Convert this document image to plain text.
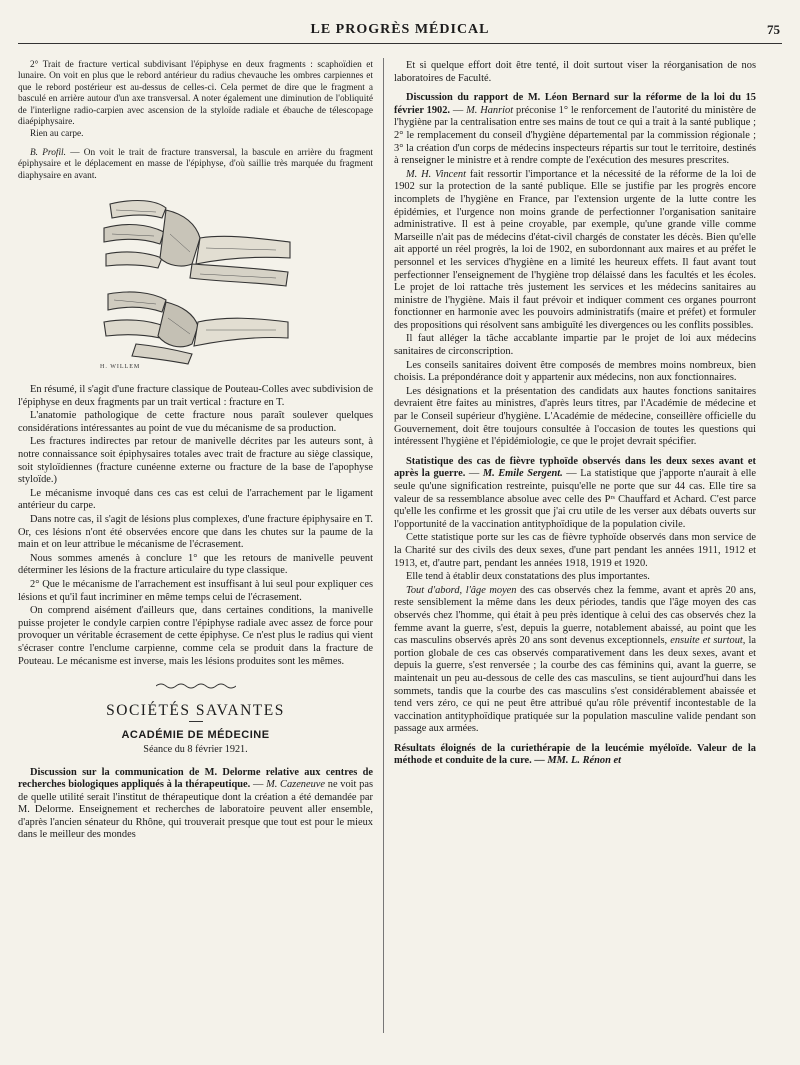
LE PROGRÈS MÉDICAL	75

2° Trait de fracture vertical subdivisant l'épiphyse en deux fragments : scaphoïdien et lunaire. On voit en plus que le rebord antérieur du radius chevauche les ombres carpiennes et que le rebord postérieur est au-dessus de celles-ci. Cela permet de dire que le fragment a basculé en arrière autour d'un axe transversal. A noter également une diminution de l'obliquité de l'interligne radio-carpien avec ascension de la styloïde radiale et ébauche de télescopage diaépiphysaire.

Rien au carpe.

B. Profil. — On voit le trait de fracture transversal, la bascule en arrière du fragment épiphysaire et le déplacement en masse de l'épiphyse, d'où saillie très marquée du fragment diaphysaire en avant.

H. WILLEM

En résumé, il s'agit d'une fracture classique de Pouteau-Colles avec subdivision de l'épiphyse en deux fragments par un trait vertical : fracture en T.

L'anatomie pathologique de cette fracture nous paraît soulever quelques considérations intéressantes au point de vue du mécanisme de sa production.

Les fractures indirectes par retour de manivelle décrites par les auteurs sont, à notre connaissance soit épiphysaires totales avec trait de fracture au siège classique, soit styloïdiennes (fracture cunéenne externe ou fracture de la base de l'apophyse styloïde.)

Le mécanisme invoqué dans ces cas est celui de l'arrachement par le ligament antérieur du carpe.

Dans notre cas, il s'agit de lésions plus complexes, d'une fracture épiphysaire en T. Or, ces lésions n'ont été observées encore que dans les chutes sur la paume de la main et on leur attribue le mécanisme de l'écrasement.

Nous sommes amenés à conclure 1° que les retours de manivelle peuvent déterminer les lésions de la fracture articulaire du type classique.

2° Que le mécanisme de l'arrachement est insuffisant à lui seul pour expliquer ces lésions et qu'il faut incriminer en même temps celui de l'écrasement.

On comprend aisément d'ailleurs que, dans certaines conditions, la manivelle puisse projeter le condyle carpien contre l'épiphyse radiale avec assez de force pour provoquer un véritable écrasement de cette épiphyse. Ce n'est plus le radius qui vient s'écraser contre l'enclume carpienne, comme cela se produit dans la fracture de Pouteau. Le mécanisme est inverse, mais les lésions produites sont les mêmes.

SOCIÉTÉS SAVANTES
ACADÉMIE DE MÉDECINE
Séance du 8 février 1921.

Discussion sur la communication de M. Delorme relative aux centres de recherches biologiques appliqués à la thérapeutique. — M. Cazeneuve ne voit pas de quelle utilité serait l'institut de thérapeutique dont la création a été demandée par M. Delorme. Enseignement et recherches de laboratoire peuvent aller ensemble, d'après l'ancien sénateur du Rhône, qui trouverait presque que tout est pour le mieux dans le meilleur des mondes

Et si quelque effort doit être tenté, il doit surtout viser la réorganisation de nos laboratoires de Faculté.

Discussion du rapport de M. Léon Bernard sur la réforme de la loi du 15 février 1902. — M. Hanriot préconise 1° le renforcement de l'autorité du ministère de l'hygiène par la centralisation entre ses mains de tout ce qui a trait à la santé publique ; 2° le remplacement du conseil d'hygiène départemental par la commission régionale ; 3° la création d'un corps de médecins inspecteurs répartis sur tout le territoire, destinés à renseigner le ministre et à rendre compte de l'exécution des mesures prescrites.

M. H. Vincent fait ressortir l'importance et la nécessité de la réforme de la loi de 1902 sur la protection de la santé publique. Elle se justifie par les progrès encore incomplets de l'hygiène en France, par l'extension urgente de la lutte contre les épidémies, et l'urgence non moins grande de perfectionner l'organisation sanitaire administrative. Il est à peine croyable, par exemple, qu'une grande ville comme Marseille n'ait pas de médecins d'état-civil chargés de constater les décès. Bien qu'elle ait apporté un réel progrès, la loi de 1902, en subordonnant aux maires et au préfet le personnel et les services d'hygiène en a limité les heureux effets. Il faut avant tout perfectionner l'enseignement de l'hygiène trop délaissé dans les facultés et les écoles. Le projet de loi rattache très justement les services et les médecins sanitaires au ministre de l'hygiène. Mais il faut prévoir et indiquer comment ces organes pourront fonctionner en harmonie avec les pouvoirs administratifs (maire et préfet) et formuler des propositions qui résolvent sans ambiguïté les divergences ou les conflits possibles.

Il faut alléger la tâche accablante impartie par le projet de loi aux médecins sanitaires de circonscription.

Les conseils sanitaires doivent être composés de membres moins nombreux, bien choisis. La prépondérance doit y appartenir aux médecins, non aux fonctionnaires.

Les désignations et la présentation des candidats aux hautes fonctions sanitaires devraient être faites au ministres, d'après leurs titres, par l'Académie de médecine et par le Conseil supérieur d'hygiène. L'Académie de médecine, conseillère officielle du Gouvernement, doit être toujours consultée à l'occasion de toutes les questions qui intéressent l'hygiène et l'épidémiologie, ce que le projet devrait spécifier.

Statistique des cas de fièvre typhoïde observés dans les deux sexes avant et après la guerre. — M. Emile Sergent. — La statistique que j'apporte n'aurait à elle seule qu'une signification restreinte, puisqu'elle ne porte que sur 44 cas. Elle tire sa valeur de sa ressemblance absolue avec celle des Pʳˢ Chauffard et Achard. C'est parce qu'elle les confirme et les grossit que j'ai cru utile de les verser aux débats ouverts sur l'opportunité de la vaccination antityphoïdique de la population civile.

Cette statistique porte sur les cas de fièvre typhoïde observés dans mon service de la Charité sur des civils des deux sexes, d'une part pendant les années 1911, 1912 et 1913, et, d'autre part, pendant les années 1918, 1919 et 1920.

Elle tend à établir deux constatations des plus importantes.

Tout d'abord, l'âge moyen des cas observés chez la femme, avant et après 20 ans, reste sensiblement la même dans les deux périodes, tandis que l'âge moyen des cas observés chez l'homme, qui était à peu près identique à celui des cas observés chez la femme avant la guerre, s'est, depuis la guerre, notablement abaissé, au point que les cas masculins observés après 20 ans sont devenus exceptionnels, ensuite et surtout, la portion globale de ces cas observés comparativement dans les deux sexes, avant et depuis la guerre, s'est renversée ; la courbe des cas féminins qui, avant la guerre, se maintenait un peu au-dessous de celle des cas masculins, se tient aujourd'hui dans les sommets, tandis que la courbe des cas masculins s'est considérablement abaissée et tend vers zéro, ce qui ne peut être attribué qu'au rôle préventif incontestable de la vaccination antityphoïdique pratiquée sur la population masculine valide pendant son passage aux armées.

Résultats éloignés de la curiethérapie de la leucémie myéloïde. Valeur de la méthode et conduite de la cure. — MM. L. Rénon et
